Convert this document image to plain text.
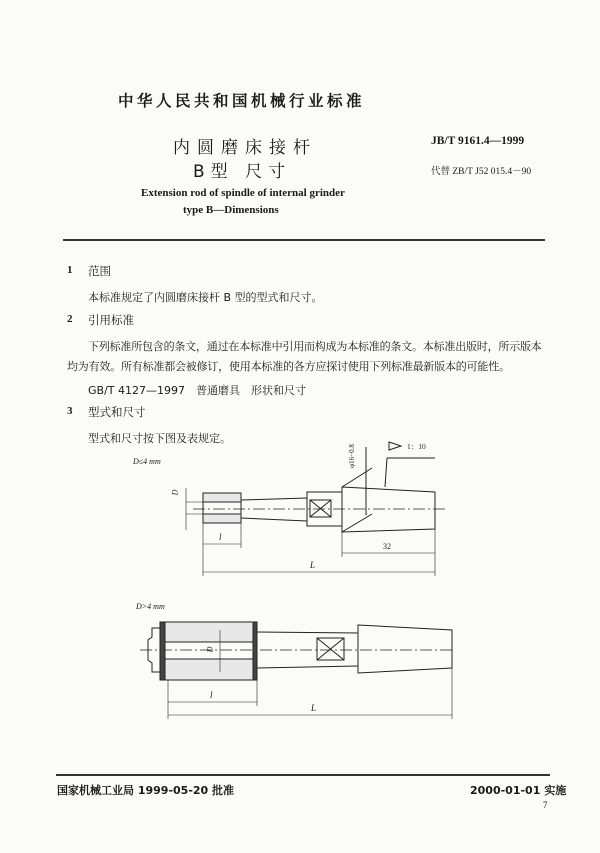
中华人民共和国机械行业标准
内圆磨床接杆
B型 尺寸
Extension rod of spindle of internal grinder
type B—Dimensions
JB/T 9161.4—1999
代替 ZB/T J52 015.4－90
1 范围
本标准规定了内圆磨床接杆 B 型的型式和尺寸。
2 引用标准
下列标准所包含的条文，通过在本标准中引用而构成为本标准的条文。本标准出版时，所示版本
均为有效。所有标准都会被修订，使用本标准的各方应探讨使用下列标准最新版本的可能性。
GB/T 4127—1997　普通磨具　形状和尺寸
3 型式和尺寸
型式和尺寸按下图及表规定。
D≤4 mm
D
l
32
L
φ16−0.8	1：10
D>4 mm
D
l
L
国家机械工业局 1999-05-20 批准	2000-01-01 实施
7
